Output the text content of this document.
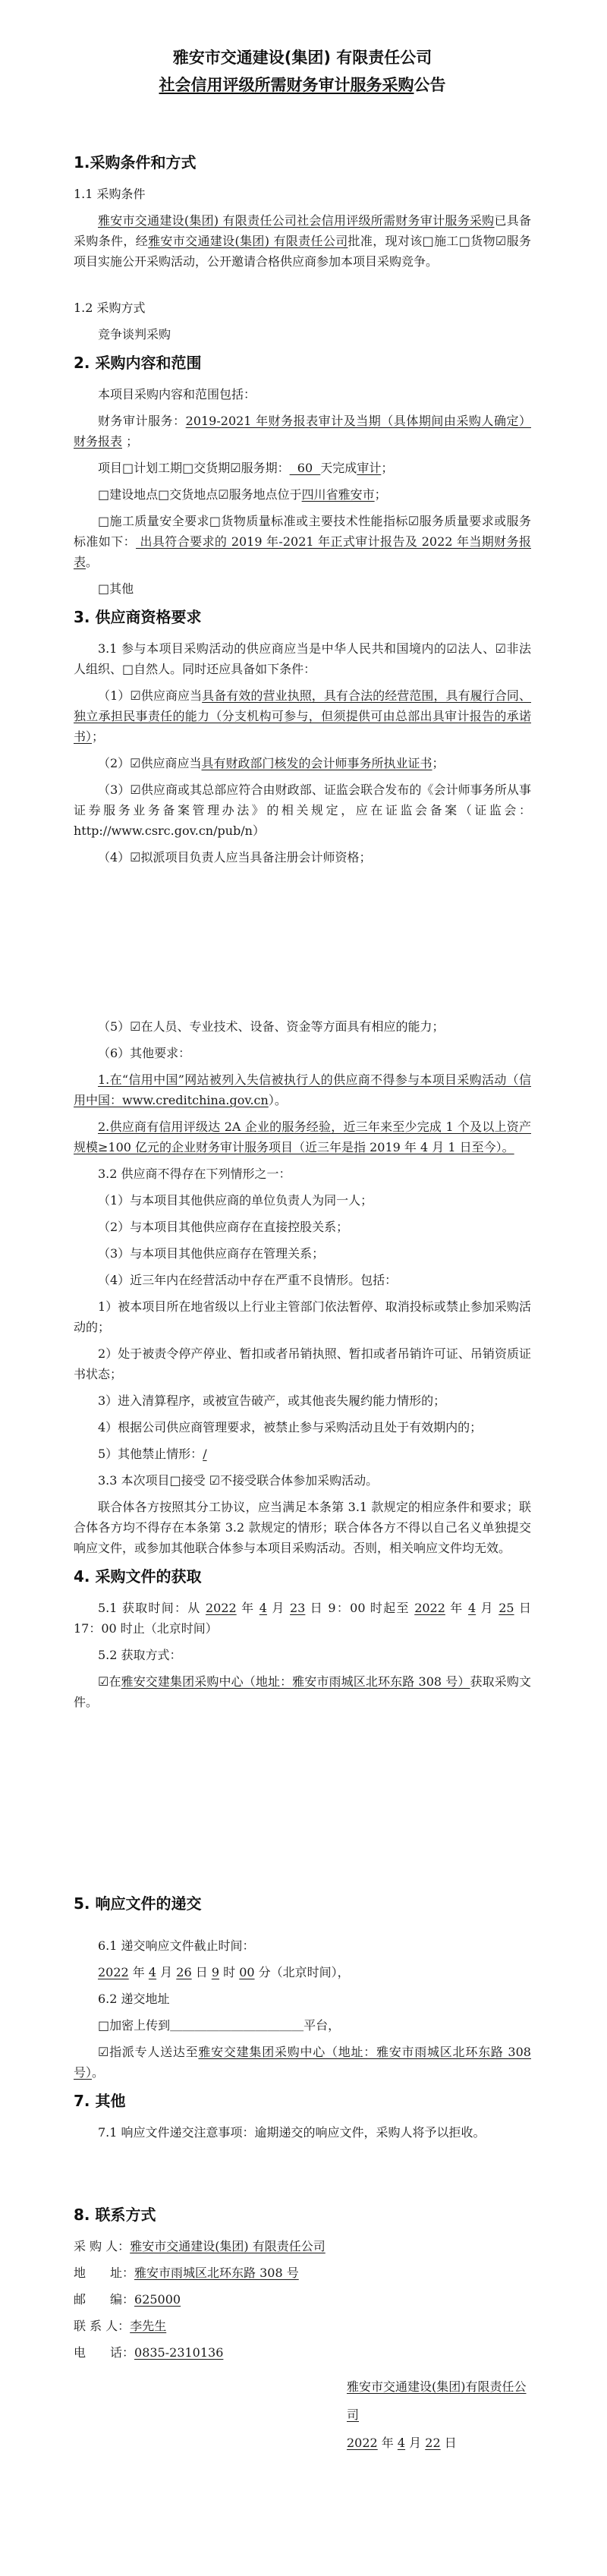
雅安市交通建设(集团) 有限责任公司
社会信用评级所需财务审计服务采购公告
1.采购条件和方式

1.1 采购条件

雅安市交通建设(集团) 有限责任公司社会信用评级所需财务审计服务采购已具备采购条件，经雅安市交通建设(集团) 有限责任公司批准，现对该□施工□货物☑服务项目实施公开采购活动，公开邀请合格供应商参加本项目采购竞争。

1.2 采购方式

竞争谈判采购

2. 采购内容和范围

本项目采购内容和范围包括：

财务审计服务：2019-2021 年财务报表审计及当期（具体期间由采购人确定）财务报表 ；

项目□计划工期□交货期☑服务期：  60  天完成审计；

□建设地点□交货地点☑服务地点位于四川省雅安市；

□施工质量安全要求□货物质量标准或主要技术性能指标☑服务质量要求或服务标准如下： 出具符合要求的 2019 年-2021 年正式审计报告及 2022 年当期财务报表。

□其他

3. 供应商资格要求

3.1 参与本项目采购活动的供应商应当是中华人民共和国境内的☑法人、☑非法人组织、□自然人。同时还应具备如下条件：

（1）☑供应商应当具备有效的营业执照，具有合法的经营范围，具有履行合同、独立承担民事责任的能力（分支机构可参与，但须提供可由总部出具审计报告的承诺书）；

（2）☑供应商应当具有财政部门核发的会计师事务所执业证书；

（3）☑供应商或其总部应符合由财政部、证监会联合发布的《会计师事务所从事证券服务业务备案管理办法》的相关规定，应在证监会备案（证监会：http://www.csrc.gov.cn/pub/n）

（4）☑拟派项目负责人应当具备注册会计师资格；

（5）☑在人员、专业技术、设备、资金等方面具有相应的能力；

（6）其他要求：

1.在“信用中国”网站被列入失信被执行人的供应商不得参与本项目采购活动（信用中国：www.creditchina.gov.cn）。

2.供应商有信用评级达 2A 企业的服务经验，近三年来至少完成 1 个及以上资产规模≥100 亿元的企业财务审计服务项目（近三年是指 2019 年 4 月 1 日至今）。

3.2 供应商不得存在下列情形之一：

（1）与本项目其他供应商的单位负责人为同一人；

（2）与本项目其他供应商存在直接控股关系；

（3）与本项目其他供应商存在管理关系；

（4）近三年内在经营活动中存在严重不良情形。包括：

1）被本项目所在地省级以上行业主管部门依法暂停、取消投标或禁止参加采购活动的；

2）处于被责令停产停业、暂扣或者吊销执照、暂扣或者吊销许可证、吊销资质证书状态；

3）进入清算程序，或被宣告破产，或其他丧失履约能力情形的；

4）根据公司供应商管理要求，被禁止参与采购活动且处于有效期内的；

5）其他禁止情形：/

3.3 本次项目□接受 ☑不接受联合体参加采购活动。

联合体各方按照其分工协议，应当满足本条第 3.1 款规定的相应条件和要求；联合体各方均不得存在本条第 3.2 款规定的情形；联合体各方不得以自己名义单独提交响应文件，或参加其他联合体参与本项目采购活动。否则，相关响应文件均无效。

4. 采购文件的获取

5.1 获取时间：从 2022 年 4 月 23 日 9：00 时起至 2022 年 4 月 25 日 17：00 时止（北京时间）

5.2 获取方式：

☑在雅安交建集团采购中心（地址：雅安市雨城区北环东路 308 号）获取采购文件。

5. 响应文件的递交

6.1 递交响应文件截止时间：

2022 年 4 月 26 日 9 时 00 分（北京时间），

6.2 递交地址

□加密上传到＿＿＿＿＿＿＿＿＿＿＿平台，

☑指派专人送达至雅安交建集团采购中心（地址：雅安市雨城区北环东路 308 号）。

7. 其他

7.1 响应文件递交注意事项：逾期递交的响应文件，采购人将予以拒收。

8. 联系方式

采 购 人：雅安市交通建设(集团) 有限责任公司

地　　址：雅安市雨城区北环东路 308 号

邮　　编：625000

联 系 人：李先生

电　　话：0835-2310136

雅安市交通建设(集团)有限责任公司

2022 年 4 月 22 日
